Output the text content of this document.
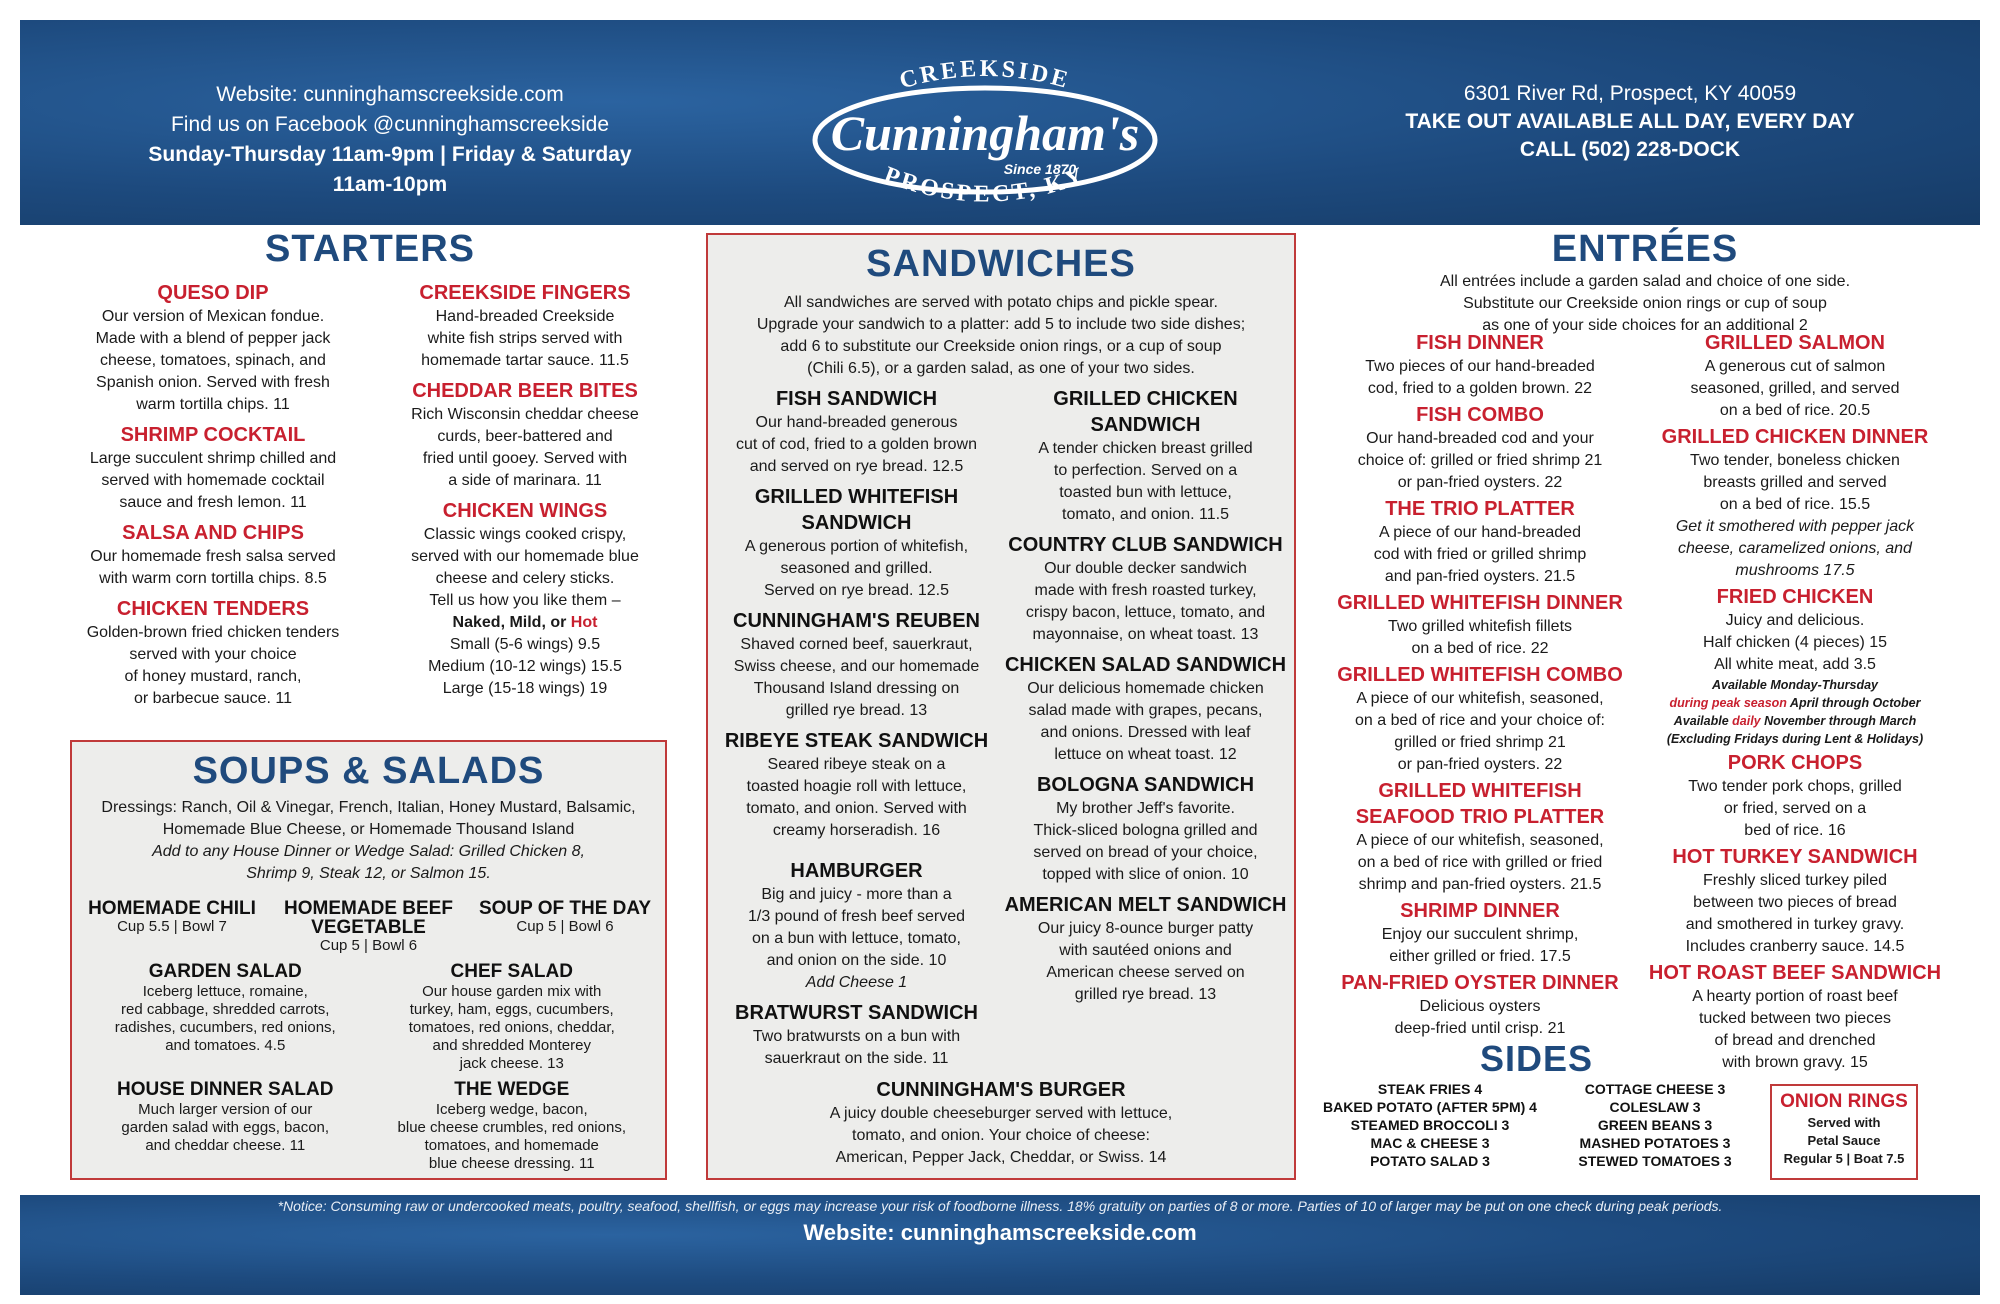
Website: cunninghamscreekside.com
Find us on Facebook @cunninghamscreekside
Sunday-Thursday 11am-9pm | Friday & Saturday 11am-10pm
CREEKSIDE
Cunningham's
Since 1870
PROSPECT, KY
6301 River Rd, Prospect, KY 40059
TAKE OUT AVAILABLE ALL DAY, EVERY DAY
CALL (502) 228-DOCK
STARTERS
QUESO DIP
Our version of Mexican fondue.
Made with a blend of pepper jack
cheese, tomatoes, spinach, and
Spanish onion. Served with fresh
warm tortilla chips. 11
SHRIMP COCKTAIL
Large succulent shrimp chilled and
served with homemade cocktail
sauce and fresh lemon. 11
SALSA AND CHIPS
Our homemade fresh salsa served
with warm corn tortilla chips. 8.5
CHICKEN TENDERS
Golden-brown fried chicken tenders
served with your choice
of honey mustard, ranch,
or barbecue sauce. 11
CREEKSIDE FINGERS
Hand-breaded Creekside
white fish strips served with
homemade tartar sauce. 11.5
CHEDDAR BEER BITES
Rich Wisconsin cheddar cheese
curds, beer-battered and
fried until gooey. Served with
a side of marinara. 11
CHICKEN WINGS
Classic wings cooked crispy,
served with our homemade blue
cheese and celery sticks.
Tell us how you like them –
Naked, Mild, or Hot
Small (5-6 wings) 9.5
Medium (10-12 wings) 15.5
Large (15-18 wings) 19
SOUPS & SALADS
Dressings: Ranch, Oil & Vinegar, French, Italian, Honey Mustard, Balsamic,
Homemade Blue Cheese, or Homemade Thousand Island
Add to any House Dinner or Wedge Salad: Grilled Chicken 8,
Shrimp 9, Steak 12, or Salmon 15.
HOMEMADE CHILI
Cup 5.5 | Bowl 7
HOMEMADE BEEF
VEGETABLE
Cup 5 | Bowl 6
SOUP OF THE DAY
Cup 5 | Bowl 6
GARDEN SALAD
Iceberg lettuce, romaine,
red cabbage, shredded carrots,
radishes, cucumbers, red onions,
and tomatoes. 4.5
CHEF SALAD
Our house garden mix with
turkey, ham, eggs, cucumbers,
tomatoes, red onions, cheddar,
and shredded Monterey
jack cheese. 13
HOUSE DINNER SALAD
Much larger version of our
garden salad with eggs, bacon,
and cheddar cheese. 11
THE WEDGE
Iceberg wedge, bacon,
blue cheese crumbles, red onions,
tomatoes, and homemade
blue cheese dressing. 11
SANDWICHES
All sandwiches are served with potato chips and pickle spear.
Upgrade your sandwich to a platter: add 5 to include two side dishes;
add 6 to substitute our Creekside onion rings, or a cup of soup
(Chili 6.5), or a garden salad, as one of your two sides.
FISH SANDWICH
Our hand-breaded generous
cut of cod, fried to a golden brown
and served on rye bread. 12.5
GRILLED WHITEFISH SANDWICH
A generous portion of whitefish,
seasoned and grilled.
Served on rye bread. 12.5
CUNNINGHAM'S REUBEN
Shaved corned beef, sauerkraut,
Swiss cheese, and our homemade
Thousand Island dressing on
grilled rye bread. 13
RIBEYE STEAK SANDWICH
Seared ribeye steak on a
toasted hoagie roll with lettuce,
tomato, and onion. Served with
creamy horseradish. 16
HAMBURGER
Big and juicy - more than a
1/3 pound of fresh beef served
on a bun with lettuce, tomato,
and onion on the side. 10
Add Cheese 1
BRATWURST SANDWICH
Two bratwursts on a bun with
sauerkraut on the side. 11
GRILLED CHICKEN SANDWICH
A tender chicken breast grilled
to perfection. Served on a
toasted bun with lettuce,
tomato, and onion. 11.5
COUNTRY CLUB SANDWICH
Our double decker sandwich
made with fresh roasted turkey,
crispy bacon, lettuce, tomato, and
mayonnaise, on wheat toast. 13
CHICKEN SALAD SANDWICH
Our delicious homemade chicken
salad made with grapes, pecans,
and onions. Dressed with leaf
lettuce on wheat toast. 12
BOLOGNA SANDWICH
My brother Jeff's favorite.
Thick-sliced bologna grilled and
served on bread of your choice,
topped with slice of onion. 10
AMERICAN MELT SANDWICH
Our juicy 8-ounce burger patty
with sautéed onions and
American cheese served on
grilled rye bread. 13
CUNNINGHAM'S BURGER
A juicy double cheeseburger served with lettuce,
tomato, and onion. Your choice of cheese:
American, Pepper Jack, Cheddar, or Swiss. 14
ENTRÉES
All entrées include a garden salad and choice of one side.
Substitute our Creekside onion rings or cup of soup
as one of your side choices for an additional 2
FISH DINNER
Two pieces of our hand-breaded
cod, fried to a golden brown. 22
FISH COMBO
Our hand-breaded cod and your
choice of: grilled or fried shrimp 21
or pan-fried oysters. 22
THE TRIO PLATTER
A piece of our hand-breaded
cod with fried or grilled shrimp
and pan-fried oysters. 21.5
GRILLED WHITEFISH DINNER
Two grilled whitefish fillets
on a bed of rice. 22
GRILLED WHITEFISH COMBO
A piece of our whitefish, seasoned,
on a bed of rice and your choice of:
grilled or fried shrimp 21
or pan-fried oysters. 22
GRILLED WHITEFISH
SEAFOOD TRIO PLATTER
A piece of our whitefish, seasoned,
on a bed of rice with grilled or fried
shrimp and pan-fried oysters. 21.5
SHRIMP DINNER
Enjoy our succulent shrimp,
either grilled or fried. 17.5
PAN-FRIED OYSTER DINNER
Delicious oysters
deep-fried until crisp. 21
GRILLED SALMON
A generous cut of salmon
seasoned, grilled, and served
on a bed of rice. 20.5
GRILLED CHICKEN DINNER
Two tender, boneless chicken
breasts grilled and served
on a bed of rice. 15.5
Get it smothered with pepper jack
cheese, caramelized onions, and
mushrooms 17.5
FRIED CHICKEN
Juicy and delicious.
Half chicken (4 pieces) 15
All white meat, add 3.5
Available Monday-Thursday
during peak season April through October
Available daily November through March
(Excluding Fridays during Lent & Holidays)
PORK CHOPS
Two tender pork chops, grilled
or fried, served on a
bed of rice. 16
HOT TURKEY SANDWICH
Freshly sliced turkey piled
between two pieces of bread
and smothered in turkey gravy.
Includes cranberry sauce. 14.5
HOT ROAST BEEF SANDWICH
A hearty portion of roast beef
tucked between two pieces
of bread and drenched
with brown gravy. 15
SIDES
STEAK FRIES 4
BAKED POTATO (AFTER 5PM) 4
STEAMED BROCCOLI 3
MAC & CHEESE 3
POTATO SALAD 3
COTTAGE CHEESE 3
COLESLAW 3
GREEN BEANS 3
MASHED POTATOES 3
STEWED TOMATOES 3
ONION RINGS
Served with
Petal Sauce
Regular 5 | Boat 7.5
*Notice: Consuming raw or undercooked meats, poultry, seafood, shellfish, or eggs may increase your risk of foodborne illness. 18% gratuity on parties of 8 or more. Parties of 10 of larger may be put on one check during peak periods.
Website: cunninghamscreekside.com
